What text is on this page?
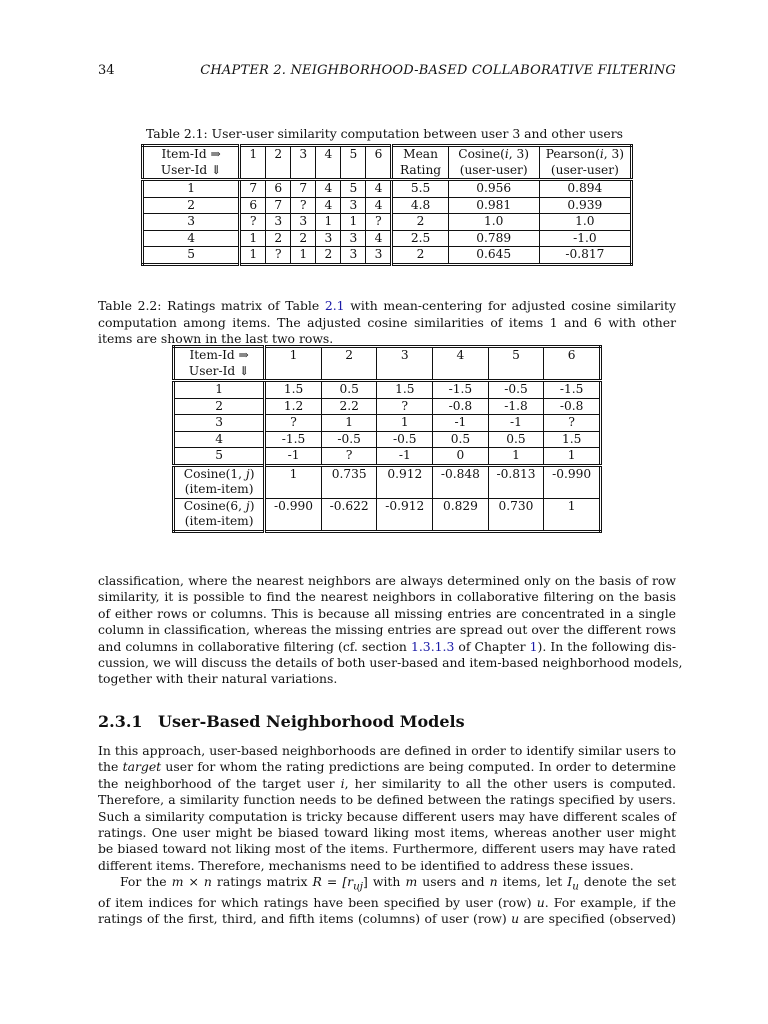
34	CHAPTER 2. NEIGHBORHOOD-BASED COLLABORATIVE FILTERING
Table 2.1: User-user similarity computation between user 3 and other users
Item-Id ⇒	1	2	3	4	5	6	Mean	Cosine(i, 3)	Pearson(i, 3)
User-Id ⇓							Rating	(user-user)	(user-user)
1	7	6	7	4	5	4	5.5	0.956	0.894
2	6	7	?	4	3	4	4.8	0.981	0.939
3	?	3	3	1	1	?	2	1.0	1.0
4	1	2	2	3	3	4	2.5	0.789	-1.0
5	1	?	1	2	3	3	2	0.645	-0.817
Table 2.2: Ratings matrix of Table 2.1 with mean-centering for adjusted cosine similarity
computation among items. The adjusted cosine similarities of items 1 and 6 with other
items are shown in the last two rows.
Item-Id ⇒	1	2	3	4	5	6
User-Id ⇓						
1	1.5	0.5	1.5	-1.5	-0.5	-1.5
2	1.2	2.2	?	-0.8	-1.8	-0.8
3	?	1	1	-1	-1	?
4	-1.5	-0.5	-0.5	0.5	0.5	1.5
5	-1	?	-1	0	1	1
Cosine(1, j)	1	0.735	0.912	-0.848	-0.813	-0.990
(item-item)						
Cosine(6, j)	-0.990	-0.622	-0.912	0.829	0.730	1
(item-item)						

classification, where the nearest neighbors are always determined only on the basis of row
similarity, it is possible to find the nearest neighbors in collaborative filtering on the basis
of either rows or columns. This is because all missing entries are concentrated in a single
column in classification, whereas the missing entries are spread out over the different rows
and columns in collaborative filtering (cf. section 1.3.1.3 of Chapter 1). In the following dis-
cussion, we will discuss the details of both user-based and item-based neighborhood models,
together with their natural variations.

2.3.1 User-Based Neighborhood Models

In this approach, user-based neighborhoods are defined in order to identify similar users to
the target user for whom the rating predictions are being computed. In order to determine
the neighborhood of the target user i, her similarity to all the other users is computed.
Therefore, a similarity function needs to be defined between the ratings specified by users.
Such a similarity computation is tricky because different users may have different scales of
ratings. One user might be biased toward liking most items, whereas another user might
be biased toward not liking most of the items. Furthermore, different users may have rated
different items. Therefore, mechanisms need to be identified to address these issues.

For the m × n ratings matrix $R = [r_{uj}]$ with m users and n items, let $I_u$ denote the set
of item indices for which ratings have been specified by user (row) u. For example, if the
ratings of the first, third, and fifth items (columns) of user (row) u are specified (observed)
